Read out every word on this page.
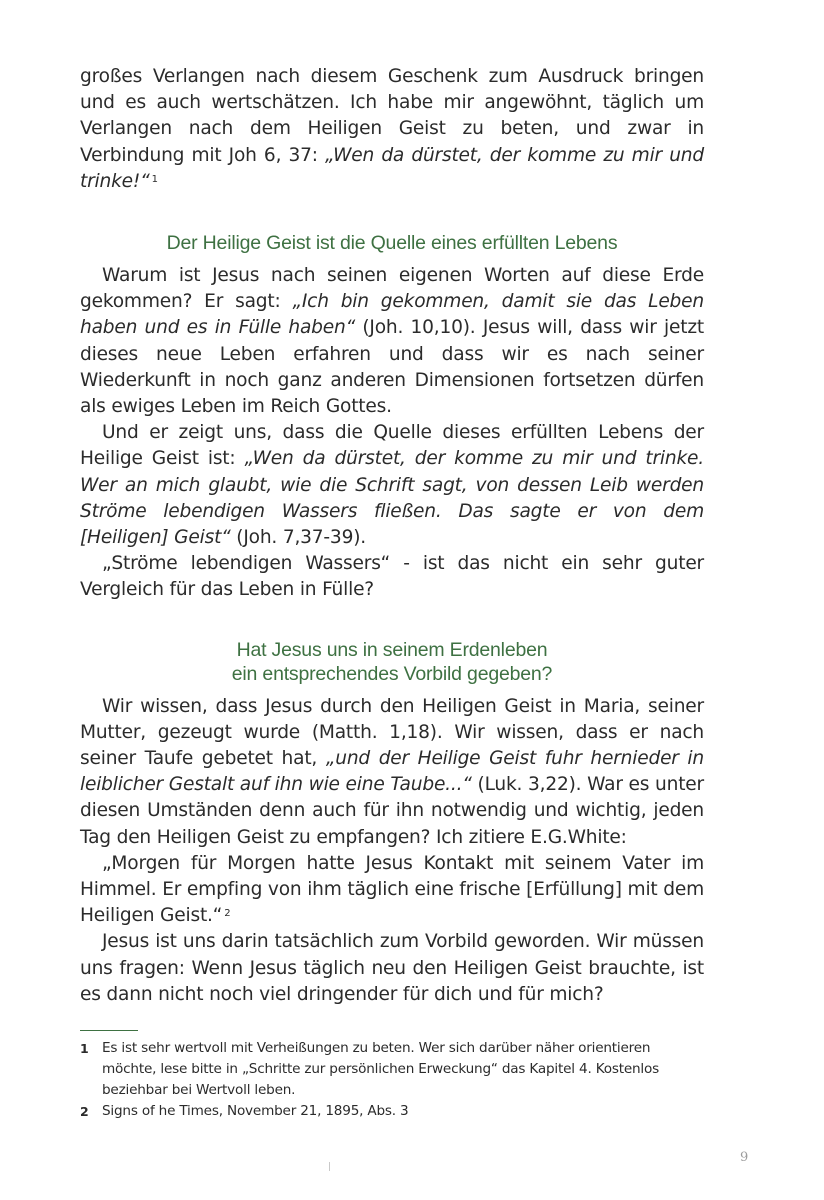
großes Verlangen nach diesem Geschenk zum Ausdruck bringen und es auch wertschätzen. Ich habe mir angewöhnt, täglich um Verlangen nach dem Heiligen Geist zu beten, und zwar in Verbindung mit Joh 6, 37: „Wen da dürstet, der komme zu mir und trinke!“ $^1$

Der Heilige Geist ist die Quelle eines erfüllten Lebens

Warum ist Jesus nach seinen eigenen Worten auf diese Erde gekommen? Er sagt: „Ich bin gekommen, damit sie das Leben haben und es in Fülle haben“ (Joh. 10,10). Jesus will, dass wir jetzt dieses neue Leben erfahren und dass wir es nach seiner Wiederkunft in noch ganz anderen Dimensionen fortsetzen dürfen als ewiges Leben im Reich Gottes.

Und er zeigt uns, dass die Quelle dieses erfüllten Lebens der Heilige Geist ist: „Wen da dürstet, der komme zu mir und trinke. Wer an mich glaubt, wie die Schrift sagt, von dessen Leib werden Ströme lebendigen Wassers fließen. Das sagte er von dem [Heiligen] Geist“ (Joh. 7,37-39).

„Ströme lebendigen Wassers“ - ist das nicht ein sehr guter Vergleich für das Leben in Fülle?

Hat Jesus uns in seinem Erdenleben
ein entsprechendes Vorbild gegeben?

Wir wissen, dass Jesus durch den Heiligen Geist in Maria, seiner Mutter, gezeugt wurde (Matth. 1,18). Wir wissen, dass er nach seiner Taufe gebetet hat, „und der Heilige Geist fuhr hernieder in leiblicher Gestalt auf ihn wie eine Taube...“ (Luk. 3,22). War es unter diesen Umständen denn auch für ihn notwendig und wichtig, jeden Tag den Heiligen Geist zu empfangen? Ich zitiere E.G.White:

„Morgen für Morgen hatte Jesus Kontakt mit seinem Vater im Himmel. Er empfing von ihm täglich eine frische [Erfüllung] mit dem Heiligen Geist.“ $^2$

Jesus ist uns darin tatsächlich zum Vorbild geworden. Wir müssen uns fragen: Wenn Jesus täglich neu den Heiligen Geist brauchte, ist es dann nicht noch viel dringender für dich und für mich?

1 Es ist sehr wertvoll mit Verheißungen zu beten. Wer sich darüber näher orientieren möchte, lese bitte in „Schritte zur persönlichen Erweckung“ das Kapitel 4. Kostenlos beziehbar bei Wertvoll leben.
2 Signs of he Times, November 21, 1895, Abs. 3
9
